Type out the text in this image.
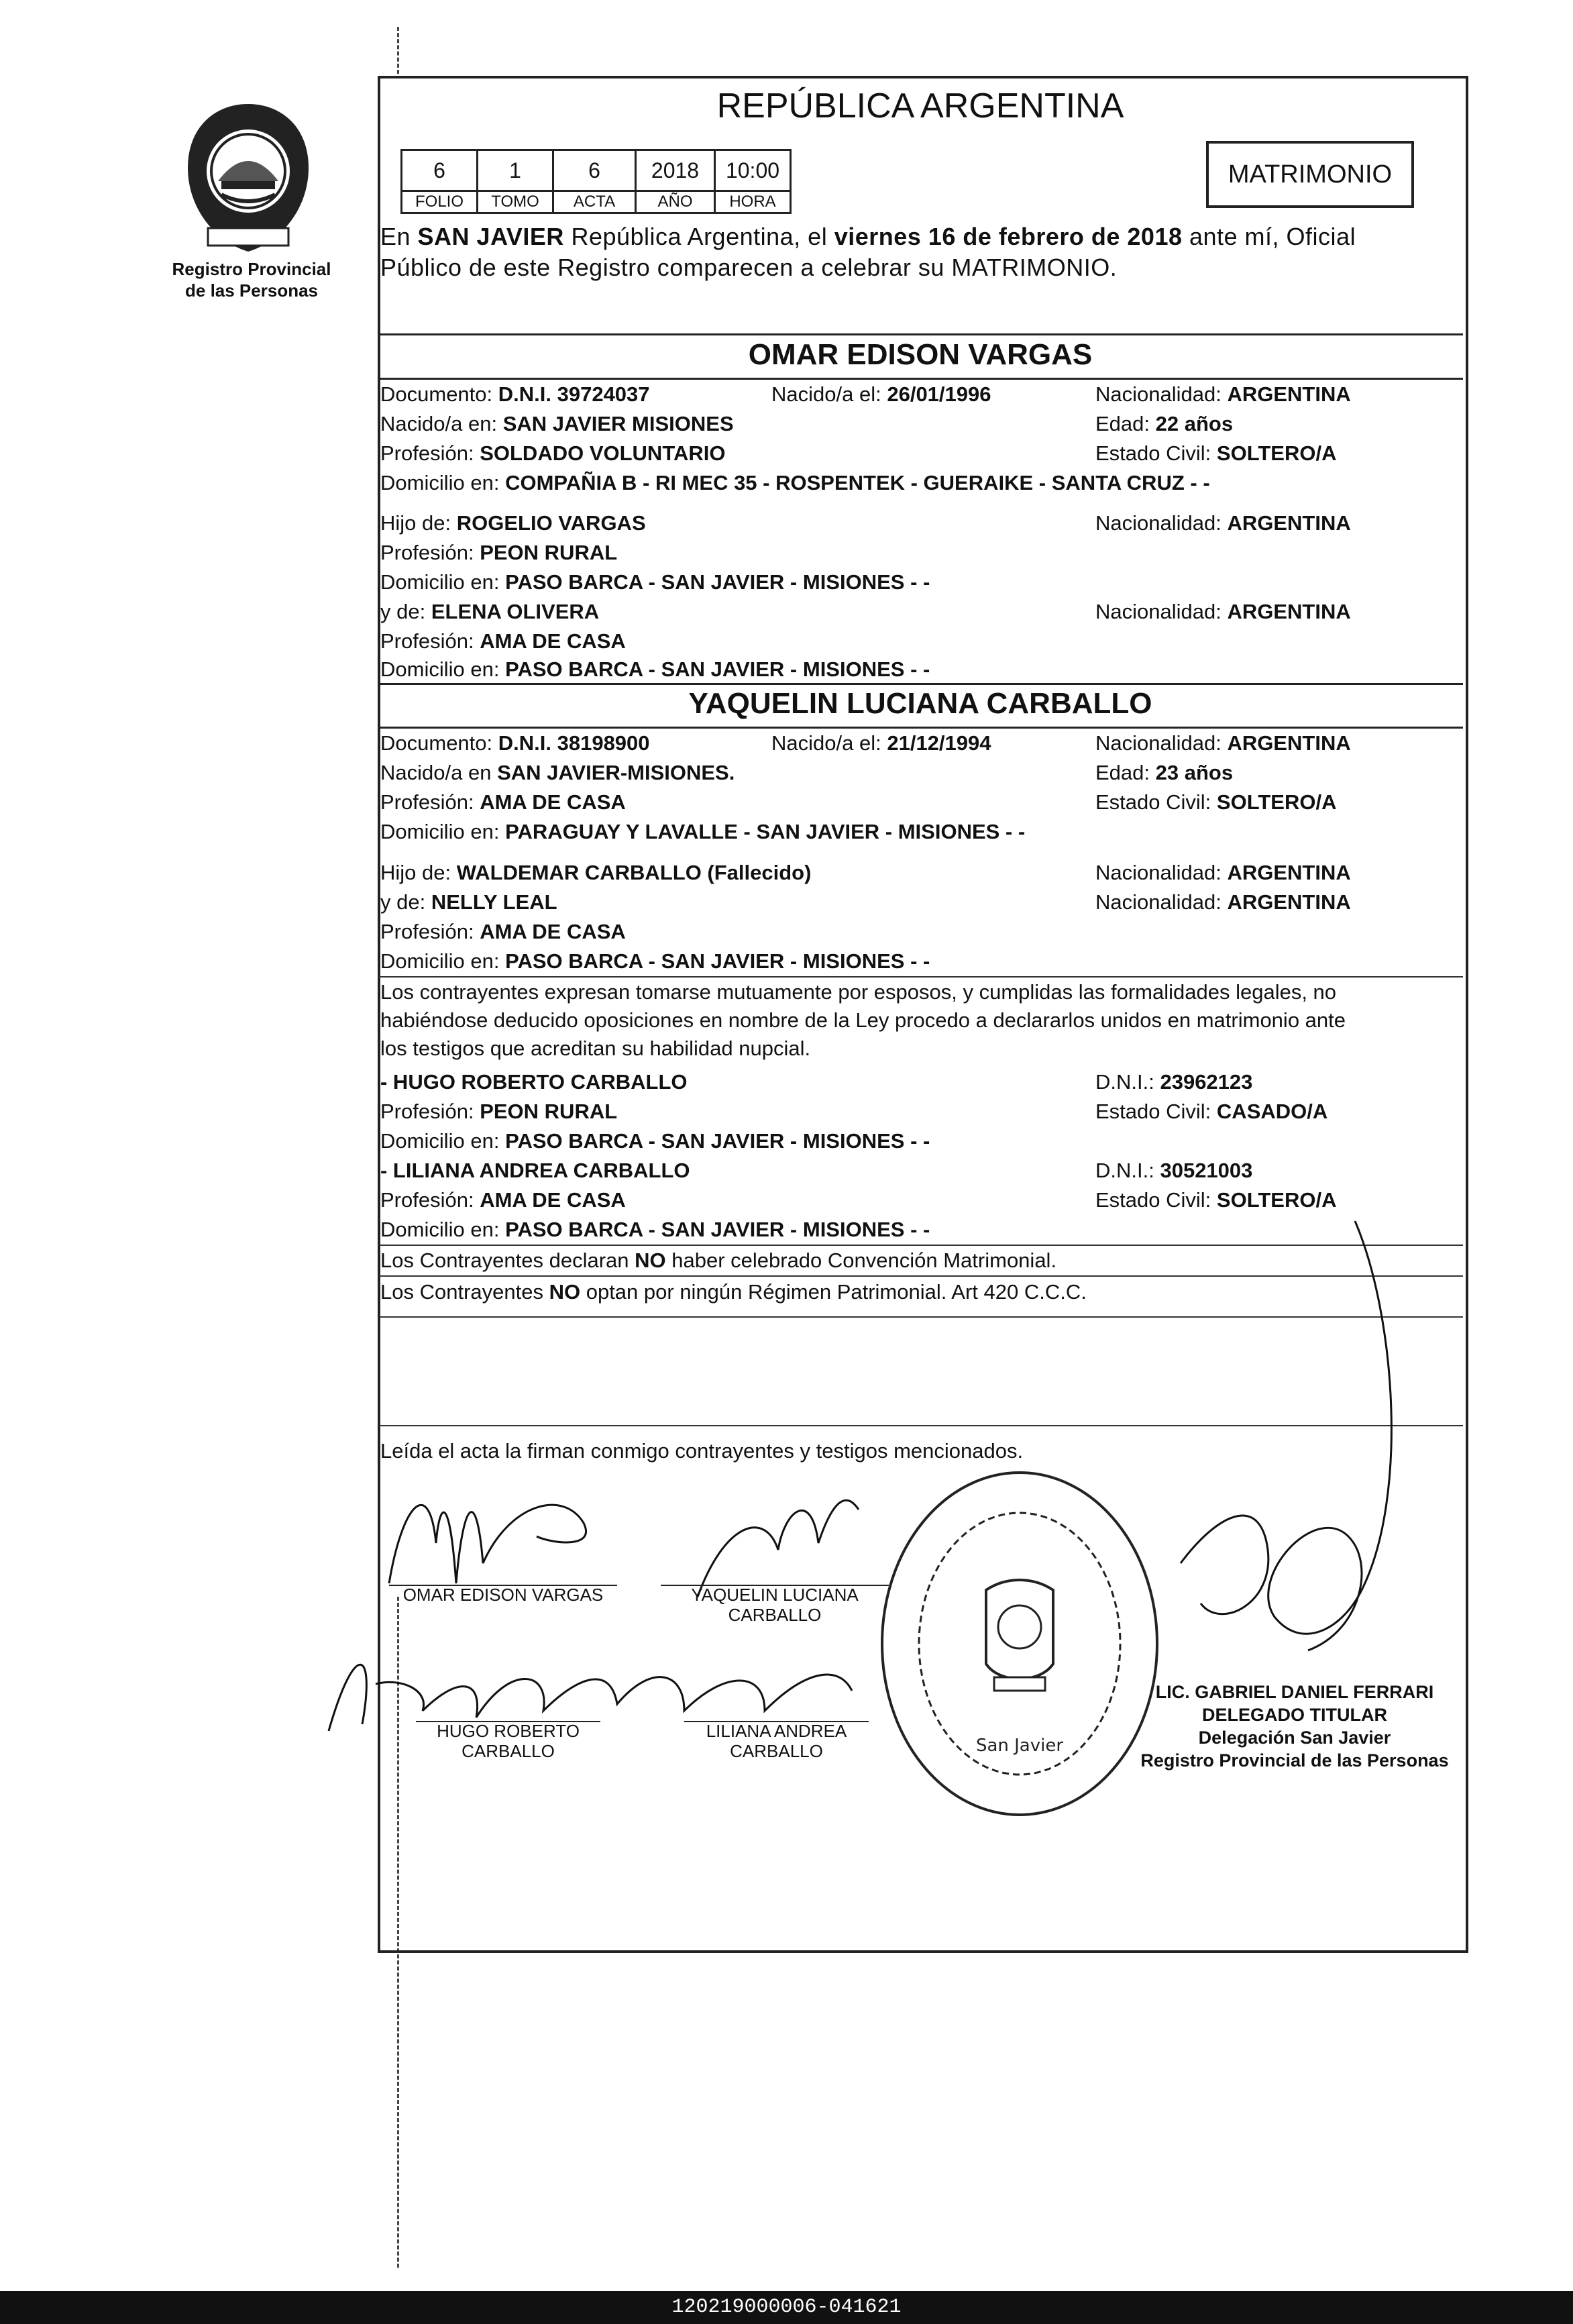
Registro Provincial
de las Personas
REPÚBLICA ARGENTINA
6	1	6	2018	10:00
FOLIO	TOMO	ACTA	AÑO	HORA
MATRIMONIO
En SAN JAVIER República Argentina, el viernes 16 de febrero de 2018 ante mí, Oficial
Público de este Registro comparecen a celebrar su MATRIMONIO.
OMAR EDISON VARGAS
Documento: D.N.I. 39724037	Nacido/a el: 26/01/1996	Nacionalidad: ARGENTINA
Nacido/a en: SAN JAVIER MISIONES	Edad: 22 años
Profesión: SOLDADO VOLUNTARIO	Estado Civil: SOLTERO/A
Domicilio en: COMPAÑIA B - RI MEC 35 - ROSPENTEK - GUERAIKE - SANTA CRUZ - -
Hijo de: ROGELIO VARGAS	Nacionalidad: ARGENTINA
Profesión: PEON RURAL
Domicilio en: PASO BARCA - SAN JAVIER - MISIONES - -
y de: ELENA OLIVERA	Nacionalidad: ARGENTINA
Profesión: AMA DE CASA
Domicilio en: PASO BARCA - SAN JAVIER - MISIONES - -
YAQUELIN LUCIANA CARBALLO
Documento: D.N.I. 38198900	Nacido/a el: 21/12/1994	Nacionalidad: ARGENTINA
Nacido/a en SAN JAVIER-MISIONES.	Edad: 23 años
Profesión: AMA DE CASA	Estado Civil: SOLTERO/A
Domicilio en: PARAGUAY Y LAVALLE - SAN JAVIER - MISIONES - -
Hijo de: WALDEMAR CARBALLO (Fallecido)	Nacionalidad: ARGENTINA
y de: NELLY LEAL	Nacionalidad: ARGENTINA
Profesión: AMA DE CASA
Domicilio en: PASO BARCA - SAN JAVIER - MISIONES - -
Los contrayentes expresan tomarse mutuamente por esposos, y cumplidas las formalidades legales, no
habiéndose deducido oposiciones en nombre de la Ley procedo a declararlos unidos en matrimonio ante
los testigos que acreditan su habilidad nupcial.
- HUGO ROBERTO CARBALLO	D.N.I.: 23962123
Profesión: PEON RURAL	Estado Civil: CASADO/A
Domicilio en: PASO BARCA - SAN JAVIER - MISIONES - -
- LILIANA ANDREA CARBALLO	D.N.I.: 30521003
Profesión: AMA DE CASA	Estado Civil: SOLTERO/A
Domicilio en: PASO BARCA - SAN JAVIER - MISIONES - -
Los Contrayentes declaran NO haber celebrado Convención Matrimonial.
Los Contrayentes NO optan por ningún Régimen Patrimonial. Art 420 C.C.C.
Leída el acta la firman conmigo contrayentes y testigos mencionados.
San Javier
OMAR EDISON VARGAS	YAQUELIN LUCIANA
CARBALLO
HUGO ROBERTO
CARBALLO
LILIANA ANDREA
CARBALLO
LIC. GABRIEL DANIEL FERRARI
DELEGADO TITULAR
Delegación San Javier
Registro Provincial de las Personas
120219000006-041621
